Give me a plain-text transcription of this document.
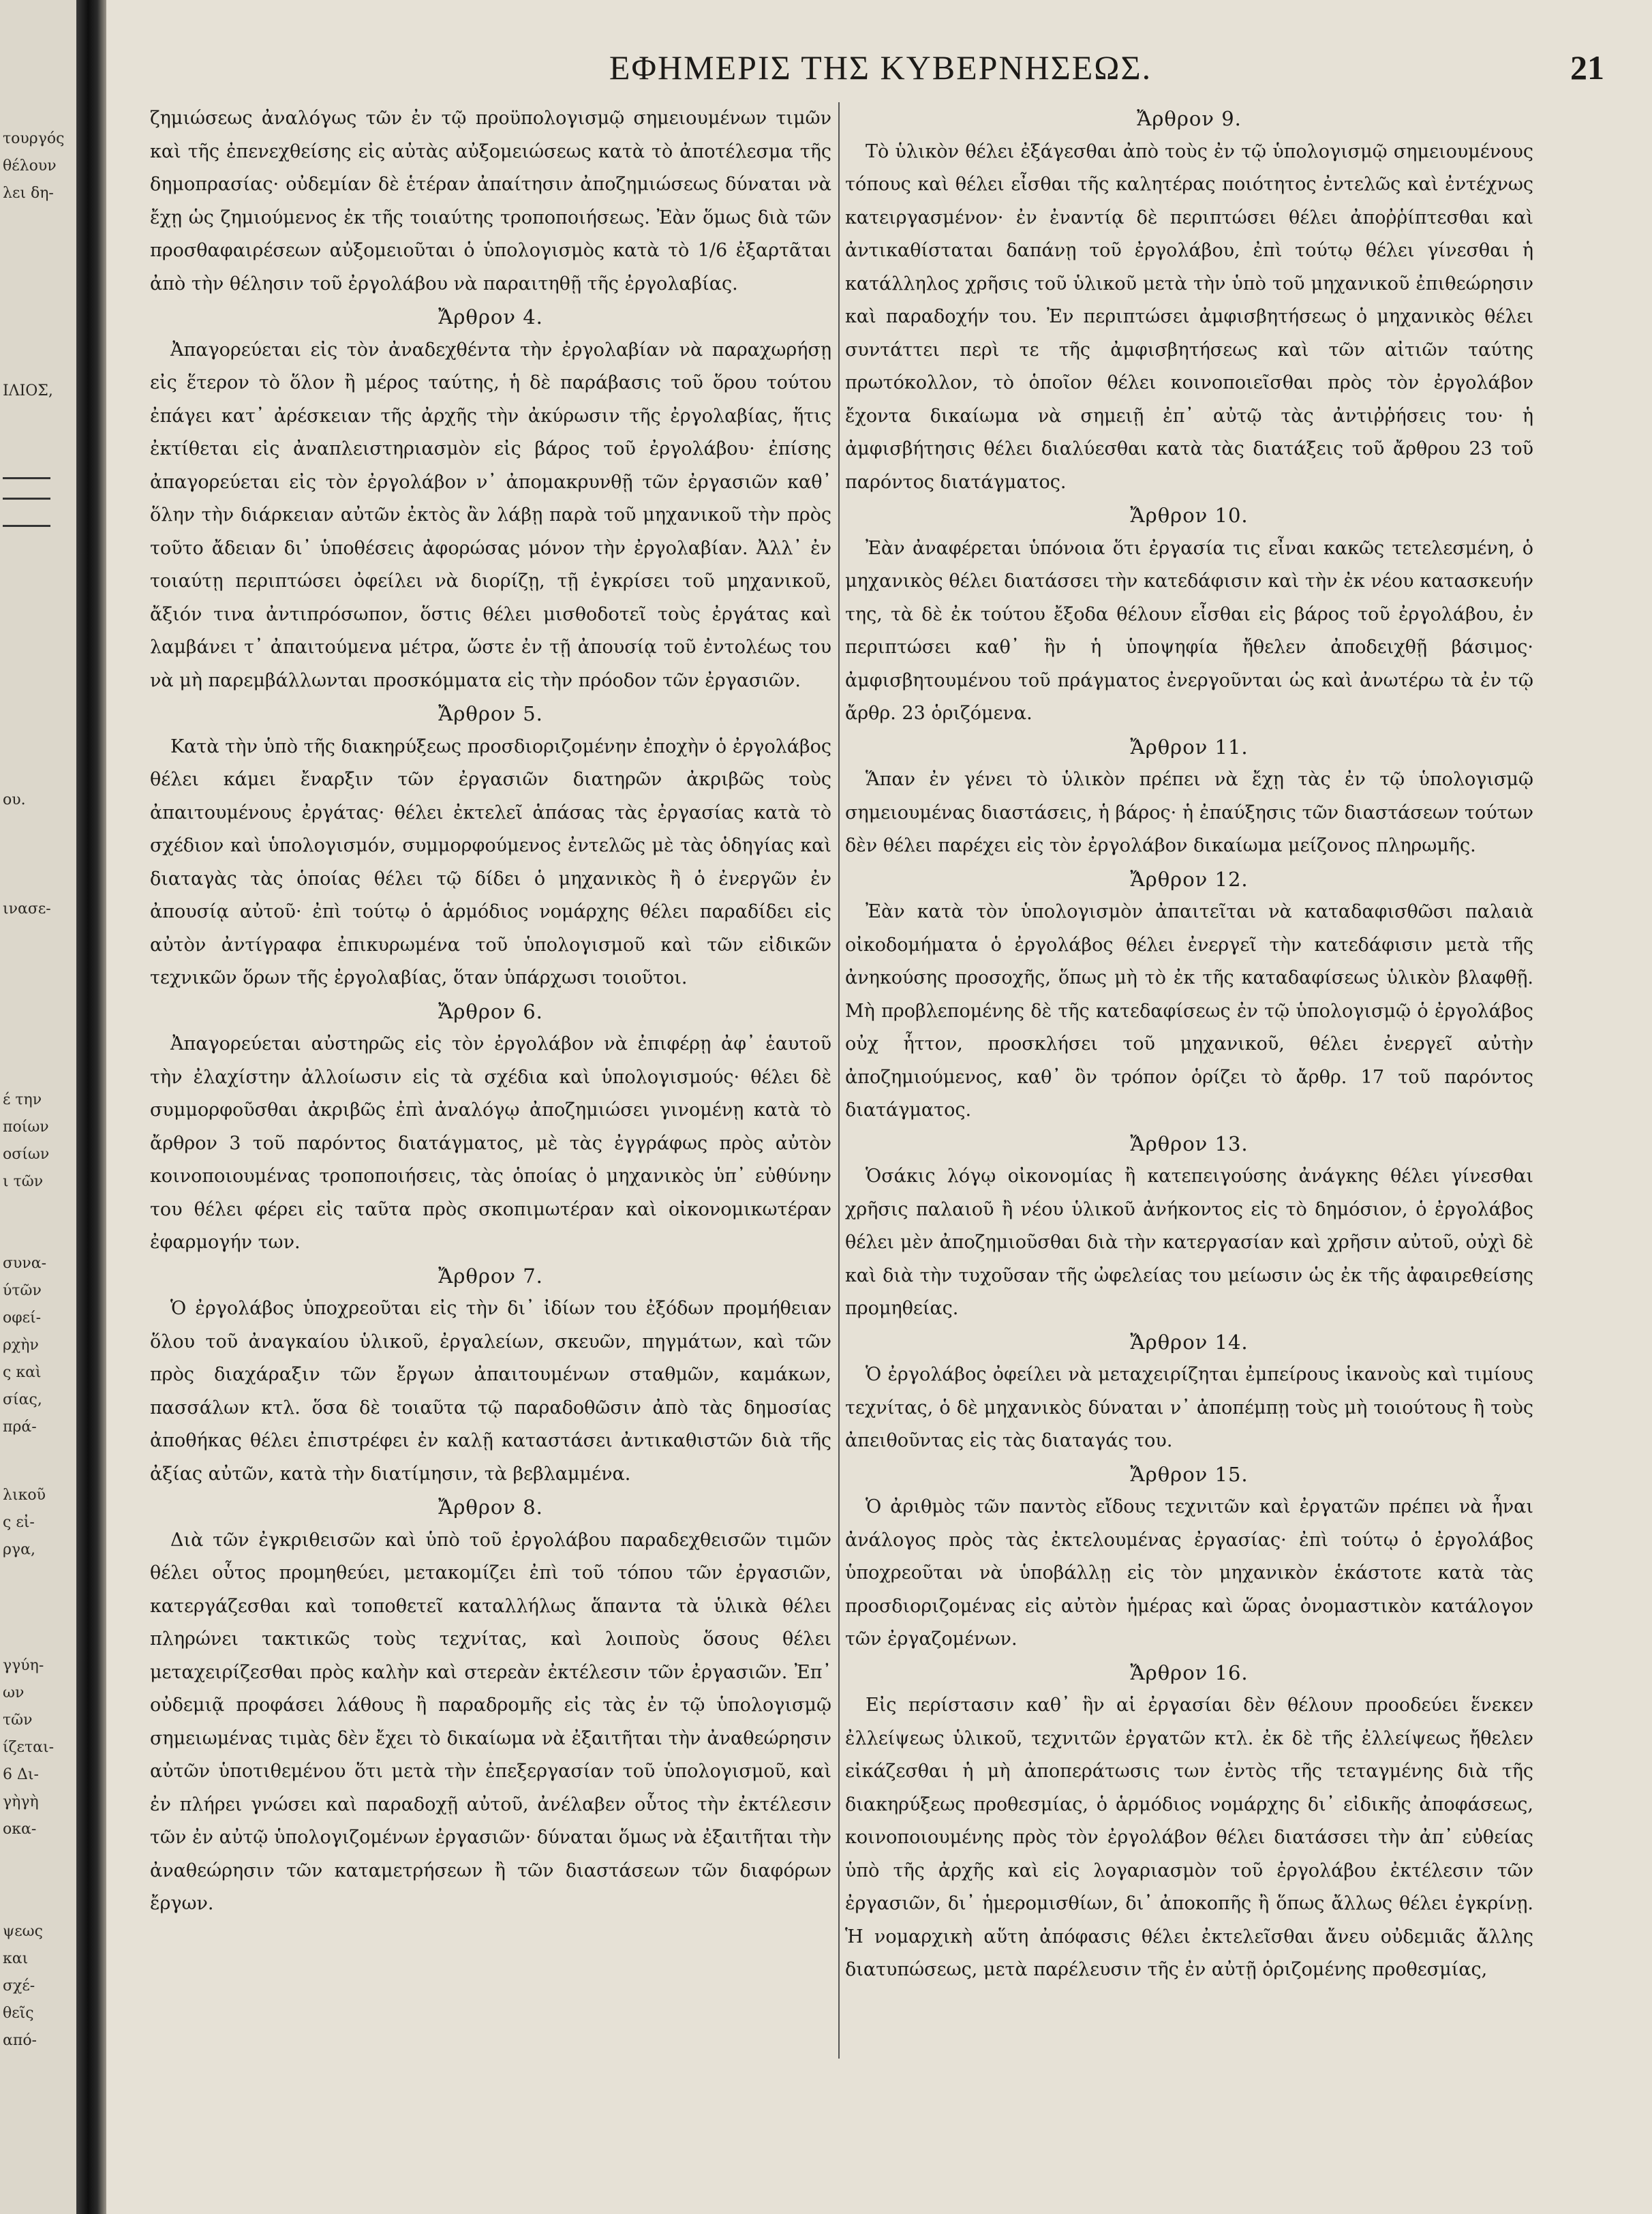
τουργός
θέλουν
λει δη-
ΙΛΙΟΣ,
ου.
ινασε-
έ την
ποίων
οσίων
ι τῶν
συνα-
ύτῶν
οφεί-
ρχὴν
ς καὶ
σίας,
πρά-
λικοῦ
ς εἰ-
ργα,
γγύη-
ων
τῶν
ίζεται-
6 Δι-
γὴγὴ
οκα-
ψεως
και
σχέ-
θεῖς
από-
ΕΦΗΜΕΡΙΣ ΤΗΣ ΚΥΒΕΡΝΗΣΕΩΣ.	21

ζημιώσεως ἀναλόγως τῶν ἐν τῷ προϋπολογισμῷ σημειουμένων τιμῶν καὶ τῆς ἐπενεχθείσης εἰς αὐτὰς αὐξομειώσεως κατὰ τὸ ἀποτέλεσμα τῆς δημοπρασίας· οὐδεμίαν δὲ ἑτέραν ἀπαίτησιν ἀποζημιώσεως δύναται νὰ ἔχῃ ὡς ζημιούμενος ἐκ τῆς τοιαύτης τροποποιήσεως. Ἐὰν ὅμως διὰ τῶν προσθαφαιρέσεων αὐξομειοῦται ὁ ὑπολογισμὸς κατὰ τὸ 1/6 ἐξαρτᾶται ἀπὸ τὴν θέλησιν τοῦ ἐργολάβου νὰ παραιτηθῇ τῆς ἐργολαβίας.

Ἄρθρον 4.

Ἀπαγορεύεται εἰς τὸν ἀναδεχθέντα τὴν ἐργολαβίαν νὰ παραχωρήσῃ εἰς ἕτερον τὸ ὅλον ἢ μέρος ταύτης, ἡ δὲ παράβασις τοῦ ὅρου τούτου ἐπάγει κατ᾽ ἀρέσκειαν τῆς ἀρχῆς τὴν ἀκύρωσιν τῆς ἐργολαβίας, ἥτις ἐκτίθεται εἰς ἀναπλειστηριασμὸν εἰς βάρος τοῦ ἐργολάβου· ἐπίσης ἀπαγορεύεται εἰς τὸν ἐργολάβον ν᾽ ἀπομακρυνθῇ τῶν ἐργασιῶν καθ᾽ ὅλην τὴν διάρκειαν αὐτῶν ἐκτὸς ἂν λάβῃ παρὰ τοῦ μηχανικοῦ τὴν πρὸς τοῦτο ἄδειαν δι᾽ ὑποθέσεις ἀφορώσας μόνον τὴν ἐργολαβίαν. Ἀλλ᾽ ἐν τοιαύτῃ περιπτώσει ὀφείλει νὰ διορίζῃ, τῇ ἐγκρίσει τοῦ μηχανικοῦ, ἄξιόν τινα ἀντιπρόσωπον, ὅστις θέλει μισθοδοτεῖ τοὺς ἐργάτας καὶ λαμβάνει τ᾽ ἀπαιτούμενα μέτρα, ὥστε ἐν τῇ ἀπουσίᾳ τοῦ ἐντολέως του νὰ μὴ παρεμβάλλωνται προσκόμματα εἰς τὴν πρόοδον τῶν ἐργασιῶν.

Ἄρθρον 5.

Κατὰ τὴν ὑπὸ τῆς διακηρύξεως προσδιοριζομένην ἐποχὴν ὁ ἐργολάβος θέλει κάμει ἔναρξιν τῶν ἐργασιῶν διατηρῶν ἀκριβῶς τοὺς ἀπαιτουμένους ἐργάτας· θέλει ἐκτελεῖ ἁπάσας τὰς ἐργασίας κατὰ τὸ σχέδιον καὶ ὑπολογισμόν, συμμορφούμενος ἐντελῶς μὲ τὰς ὁδηγίας καὶ διαταγὰς τὰς ὁποίας θέλει τῷ δίδει ὁ μηχανικὸς ἢ ὁ ἐνεργῶν ἐν ἀπουσίᾳ αὐτοῦ· ἐπὶ τούτῳ ὁ ἁρμόδιος νομάρχης θέλει παραδίδει εἰς αὐτὸν ἀντίγραφα ἐπικυρωμένα τοῦ ὑπολογισμοῦ καὶ τῶν εἰδικῶν τεχνικῶν ὅρων τῆς ἐργολαβίας, ὅταν ὑπάρχωσι τοιοῦτοι.

Ἄρθρον 6.

Ἀπαγορεύεται αὐστηρῶς εἰς τὸν ἐργολάβον νὰ ἐπιφέρῃ ἀφ᾽ ἑαυτοῦ τὴν ἐλαχίστην ἀλλοίωσιν εἰς τὰ σχέδια καὶ ὑπολογισμούς· θέλει δὲ συμμορφοῦσθαι ἀκριβῶς ἐπὶ ἀναλόγῳ ἀποζημιώσει γινομένῃ κατὰ τὸ ἄρθρον 3 τοῦ παρόντος διατάγματος, μὲ τὰς ἐγγράφως πρὸς αὐτὸν κοινοποιουμένας τροποποιήσεις, τὰς ὁποίας ὁ μηχανικὸς ὑπ᾽ εὐθύνην του θέλει φέρει εἰς ταῦτα πρὸς σκοπιμωτέραν καὶ οἰκονομικωτέραν ἐφαρμογήν των.

Ἄρθρον 7.

Ὁ ἐργολάβος ὑποχρεοῦται εἰς τὴν δι᾽ ἰδίων του ἐξόδων προμήθειαν ὅλου τοῦ ἀναγκαίου ὑλικοῦ, ἐργαλείων, σκευῶν, πηγμάτων, καὶ τῶν πρὸς διαχάραξιν τῶν ἔργων ἀπαιτουμένων σταθμῶν, καμάκων, πασσάλων κτλ. ὅσα δὲ τοιαῦτα τῷ παραδοθῶσιν ἀπὸ τὰς δημοσίας ἀποθήκας θέλει ἐπιστρέφει ἐν καλῇ καταστάσει ἀντικαθιστῶν διὰ τῆς ἀξίας αὐτῶν, κατὰ τὴν διατίμησιν, τὰ βεβλαμμένα.

Ἄρθρον 8.

Διὰ τῶν ἐγκριθεισῶν καὶ ὑπὸ τοῦ ἐργολάβου παραδεχθεισῶν τιμῶν θέλει οὗτος προμηθεύει, μετακομίζει ἐπὶ τοῦ τόπου τῶν ἐργασιῶν, κατεργάζεσθαι καὶ τοποθετεῖ καταλλήλως ἅπαντα τὰ ὑλικὰ θέλει πληρώνει τακτικῶς τοὺς τεχνίτας, καὶ λοιποὺς ὅσους θέλει μεταχειρίζεσθαι πρὸς καλὴν καὶ στερεὰν ἐκτέλεσιν τῶν ἐργασιῶν. Ἐπ᾽ οὐδεμιᾷ προφάσει λάθους ἢ παραδρομῆς εἰς τὰς ἐν τῷ ὑπολογισμῷ σημειωμένας τιμὰς δὲν ἔχει τὸ δικαίωμα νὰ ἐξαιτῆται τὴν ἀναθεώρησιν αὐτῶν ὑποτιθεμένου ὅτι μετὰ τὴν ἐπεξεργασίαν τοῦ ὑπολογισμοῦ, καὶ ἐν πλήρει γνώσει καὶ παραδοχῇ αὐτοῦ, ἀνέλαβεν οὗτος τὴν ἐκτέλεσιν τῶν ἐν αὐτῷ ὑπολογιζομένων ἐργασιῶν· δύναται ὅμως νὰ ἐξαιτῆται τὴν ἀναθεώρησιν τῶν καταμετρήσεων ἢ τῶν διαστάσεων τῶν διαφόρων ἔργων.

Ἄρθρον 9.

Τὸ ὑλικὸν θέλει ἐξάγεσθαι ἀπὸ τοὺς ἐν τῷ ὑπολογισμῷ σημειουμένους τόπους καὶ θέλει εἶσθαι τῆς καλητέρας ποιότητος ἐντελῶς καὶ ἐντέχνως κατειργασμένον· ἐν ἐναντίᾳ δὲ περιπτώσει θέλει ἀποῤῥίπτεσθαι καὶ ἀντικαθίσταται δαπάνῃ τοῦ ἐργολάβου, ἐπὶ τούτῳ θέλει γίνεσθαι ἡ κατάλληλος χρῆσις τοῦ ὑλικοῦ μετὰ τὴν ὑπὸ τοῦ μηχανικοῦ ἐπιθεώρησιν καὶ παραδοχήν του. Ἐν περιπτώσει ἀμφισβητήσεως ὁ μηχανικὸς θέλει συντάττει περὶ τε τῆς ἀμφισβητήσεως καὶ τῶν αἰτιῶν ταύτης πρωτόκολλον, τὸ ὁποῖον θέλει κοινοποιεῖσθαι πρὸς τὸν ἐργολάβον ἔχοντα δικαίωμα νὰ σημειῇ ἐπ᾽ αὐτῷ τὰς ἀντιῤῥήσεις του· ἡ ἀμφισβήτησις θέλει διαλύεσθαι κατὰ τὰς διατάξεις τοῦ ἄρθρου 23 τοῦ παρόντος διατάγματος.

Ἄρθρον 10.

Ἐὰν ἀναφέρεται ὑπόνοια ὅτι ἐργασία τις εἶναι κακῶς τετελεσμένη, ὁ μηχανικὸς θέλει διατάσσει τὴν κατεδάφισιν καὶ τὴν ἐκ νέου κατασκευήν της, τὰ δὲ ἐκ τούτου ἔξοδα θέλουν εἶσθαι εἰς βάρος τοῦ ἐργολάβου, ἐν περιπτώσει καθ᾽ ἣν ἡ ὑποψηφία ἤθελεν ἀποδειχθῇ βάσιμος· ἀμφισβητουμένου τοῦ πράγματος ἐνεργοῦνται ὡς καὶ ἀνωτέρω τὰ ἐν τῷ ἄρθρ. 23 ὁριζόμενα.

Ἄρθρον 11.

Ἅπαν ἐν γένει τὸ ὑλικὸν πρέπει νὰ ἔχῃ τὰς ἐν τῷ ὑπολογισμῷ σημειουμένας διαστάσεις, ἡ βάρος· ἡ ἐπαύξησις τῶν διαστάσεων τούτων δὲν θέλει παρέχει εἰς τὸν ἐργολάβον δικαίωμα μείζονος πληρωμῆς.

Ἄρθρον 12.

Ἐὰν κατὰ τὸν ὑπολογισμὸν ἀπαιτεῖται νὰ καταδαφισθῶσι παλαιὰ οἰκοδομήματα ὁ ἐργολάβος θέλει ἐνεργεῖ τὴν κατεδάφισιν μετὰ τῆς ἀνηκούσης προσοχῆς, ὅπως μὴ τὸ ἐκ τῆς καταδαφίσεως ὑλικὸν βλαφθῇ. Μὴ προβλεπομένης δὲ τῆς κατεδαφίσεως ἐν τῷ ὑπολογισμῷ ὁ ἐργολάβος οὐχ ἧττον, προσκλήσει τοῦ μηχανικοῦ, θέλει ἐνεργεῖ αὐτὴν ἀποζημιούμενος, καθ᾽ ὃν τρόπον ὁρίζει τὸ ἄρθρ. 17 τοῦ παρόντος διατάγματος.

Ἄρθρον 13.

Ὁσάκις λόγῳ οἰκονομίας ἢ κατεπειγούσης ἀνάγκης θέλει γίνεσθαι χρῆσις παλαιοῦ ἢ νέου ὑλικοῦ ἀνήκοντος εἰς τὸ δημόσιον, ὁ ἐργολάβος θέλει μὲν ἀποζημιοῦσθαι διὰ τὴν κατεργασίαν καὶ χρῆσιν αὐτοῦ, οὐχὶ δὲ καὶ διὰ τὴν τυχοῦσαν τῆς ὠφελείας του μείωσιν ὡς ἐκ τῆς ἀφαιρεθείσης προμηθείας.

Ἄρθρον 14.

Ὁ ἐργολάβος ὀφείλει νὰ μεταχειρίζηται ἐμπείρους ἱκανοὺς καὶ τιμίους τεχνίτας, ὁ δὲ μηχανικὸς δύναται ν᾽ ἀποπέμπῃ τοὺς μὴ τοιούτους ἢ τοὺς ἀπειθοῦντας εἰς τὰς διαταγάς του.

Ἄρθρον 15.

Ὁ ἀριθμὸς τῶν παντὸς εἴδους τεχνιτῶν καὶ ἐργατῶν πρέπει νὰ ἦναι ἀνάλογος πρὸς τὰς ἐκτελουμένας ἐργασίας· ἐπὶ τούτῳ ὁ ἐργολάβος ὑποχρεοῦται νὰ ὑποβάλλῃ εἰς τὸν μηχανικὸν ἑκάστοτε κατὰ τὰς προσδιοριζομένας εἰς αὐτὸν ἡμέρας καὶ ὥρας ὀνομαστικὸν κατάλογον τῶν ἐργαζομένων.

Ἄρθρον 16.

Εἰς περίστασιν καθ᾽ ἣν αἱ ἐργασίαι δὲν θέλουν προοδεύει ἕνεκεν ἐλλείψεως ὑλικοῦ, τεχνιτῶν ἐργατῶν κτλ. ἐκ δὲ τῆς ἐλλείψεως ἤθελεν εἰκάζεσθαι ἡ μὴ ἀποπεράτωσις των ἐντὸς τῆς τεταγμένης διὰ τῆς διακηρύξεως προθεσμίας, ὁ ἁρμόδιος νομάρχης δι᾽ εἰδικῆς ἀποφάσεως, κοινοποιουμένης πρὸς τὸν ἐργολάβον θέλει διατάσσει τὴν ἀπ᾽ εὐθείας ὑπὸ τῆς ἀρχῆς καὶ εἰς λογαριασμὸν τοῦ ἐργολάβου ἐκτέλεσιν τῶν ἐργασιῶν, δι᾽ ἡμερομισθίων, δι᾽ ἀποκοπῆς ἢ ὅπως ἄλλως θέλει ἐγκρίνῃ. Ἡ νομαρχικὴ αὕτη ἀπόφασις θέλει ἐκτελεῖσθαι ἄνευ οὐδεμιᾶς ἄλλης διατυπώσεως, μετὰ παρέλευσιν τῆς ἐν αὐτῇ ὁριζομένης προθεσμίας,
